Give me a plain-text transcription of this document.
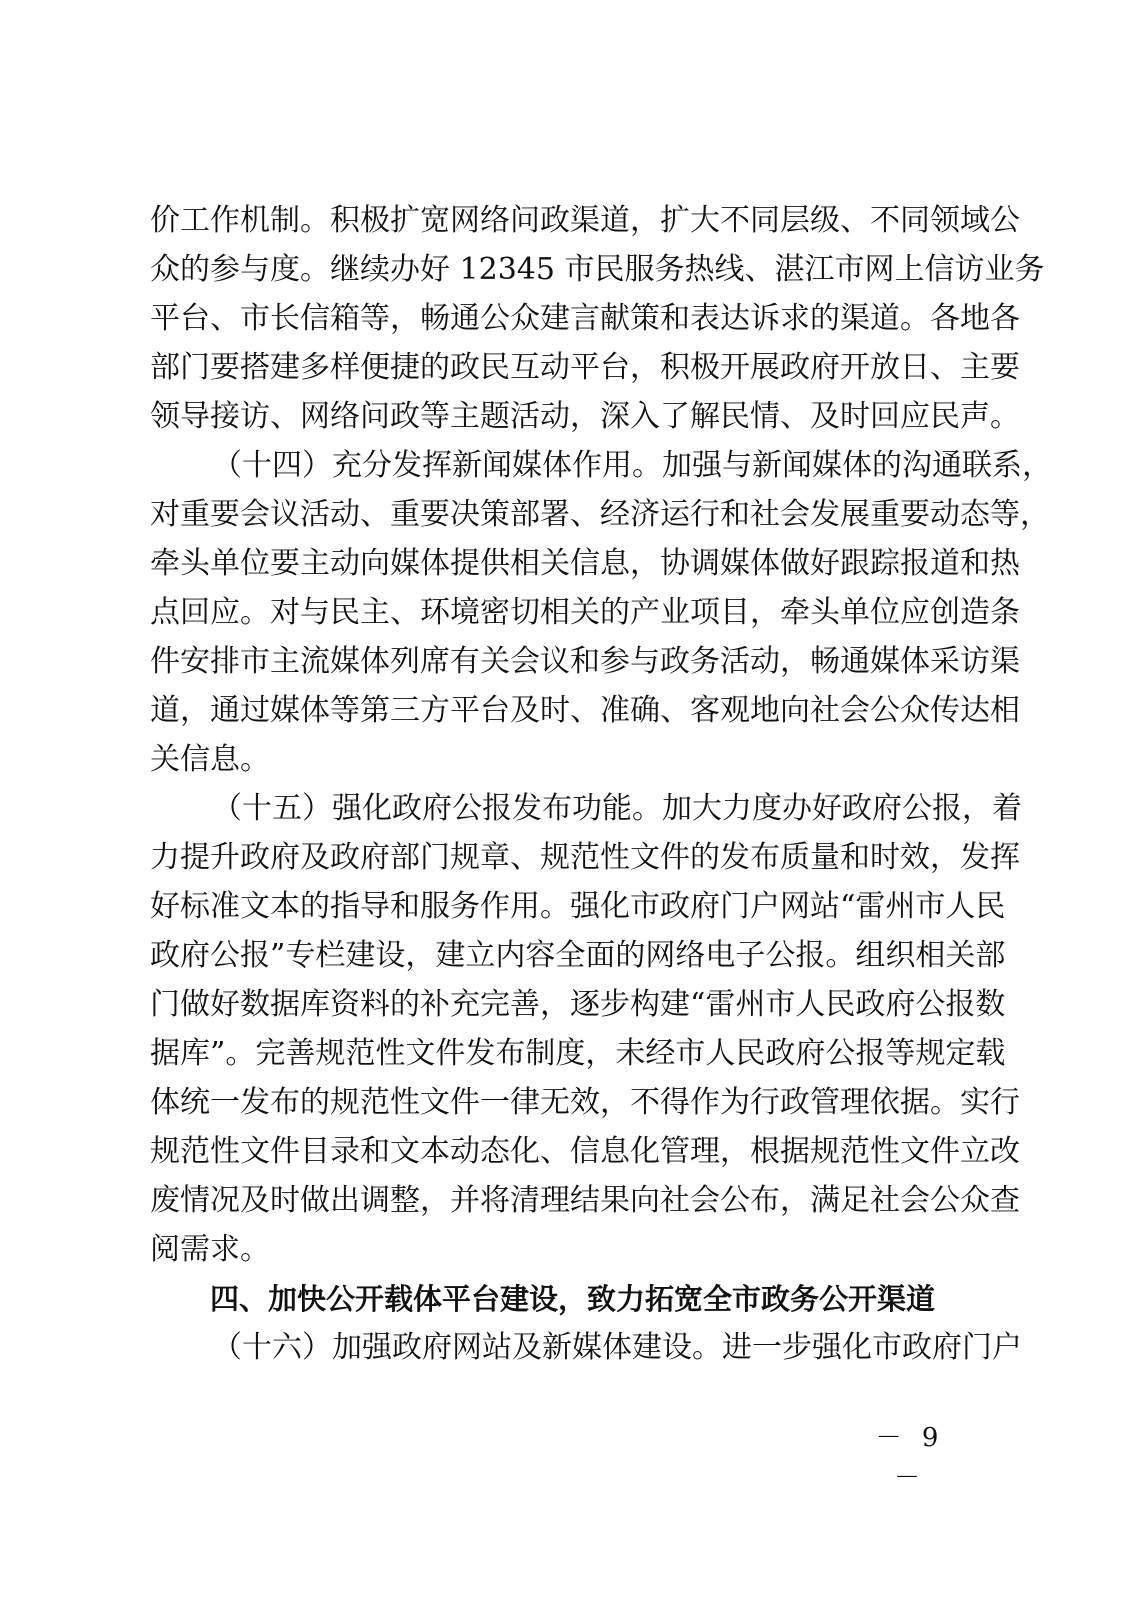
价工作机制。积极扩宽网络问政渠道，扩大不同层级、不同领域公
众的参与度。继续办好 12345 市民服务热线、湛江市网上信访业务
平台、市长信箱等，畅通公众建言献策和表达诉求的渠道。各地各
部门要搭建多样便捷的政民互动平台，积极开展政府开放日、主要
领导接访、网络问政等主题活动，深入了解民情、及时回应民声。
（十四）充分发挥新闻媒体作用。加强与新闻媒体的沟通联系，
对重要会议活动、重要决策部署、经济运行和社会发展重要动态等，
牵头单位要主动向媒体提供相关信息，协调媒体做好跟踪报道和热
点回应。对与民主、环境密切相关的产业项目，牵头单位应创造条
件安排市主流媒体列席有关会议和参与政务活动，畅通媒体采访渠
道，通过媒体等第三方平台及时、准确、客观地向社会公众传达相
关信息。
（十五）强化政府公报发布功能。加大力度办好政府公报，着
力提升政府及政府部门规章、规范性文件的发布质量和时效，发挥
好标准文本的指导和服务作用。强化市政府门户网站“雷州市人民
政府公报”专栏建设，建立内容全面的网络电子公报。组织相关部
门做好数据库资料的补充完善，逐步构建“雷州市人民政府公报数
据库”。完善规范性文件发布制度，未经市人民政府公报等规定载
体统一发布的规范性文件一律无效，不得作为行政管理依据。实行
规范性文件目录和文本动态化、信息化管理，根据规范性文件立改
废情况及时做出调整，并将清理结果向社会公布，满足社会公众查
阅需求。
四、加快公开载体平台建设，致力拓宽全市政务公开渠道
（十六）加强政府网站及新媒体建设。进一步强化市政府门户
－ 9 －
